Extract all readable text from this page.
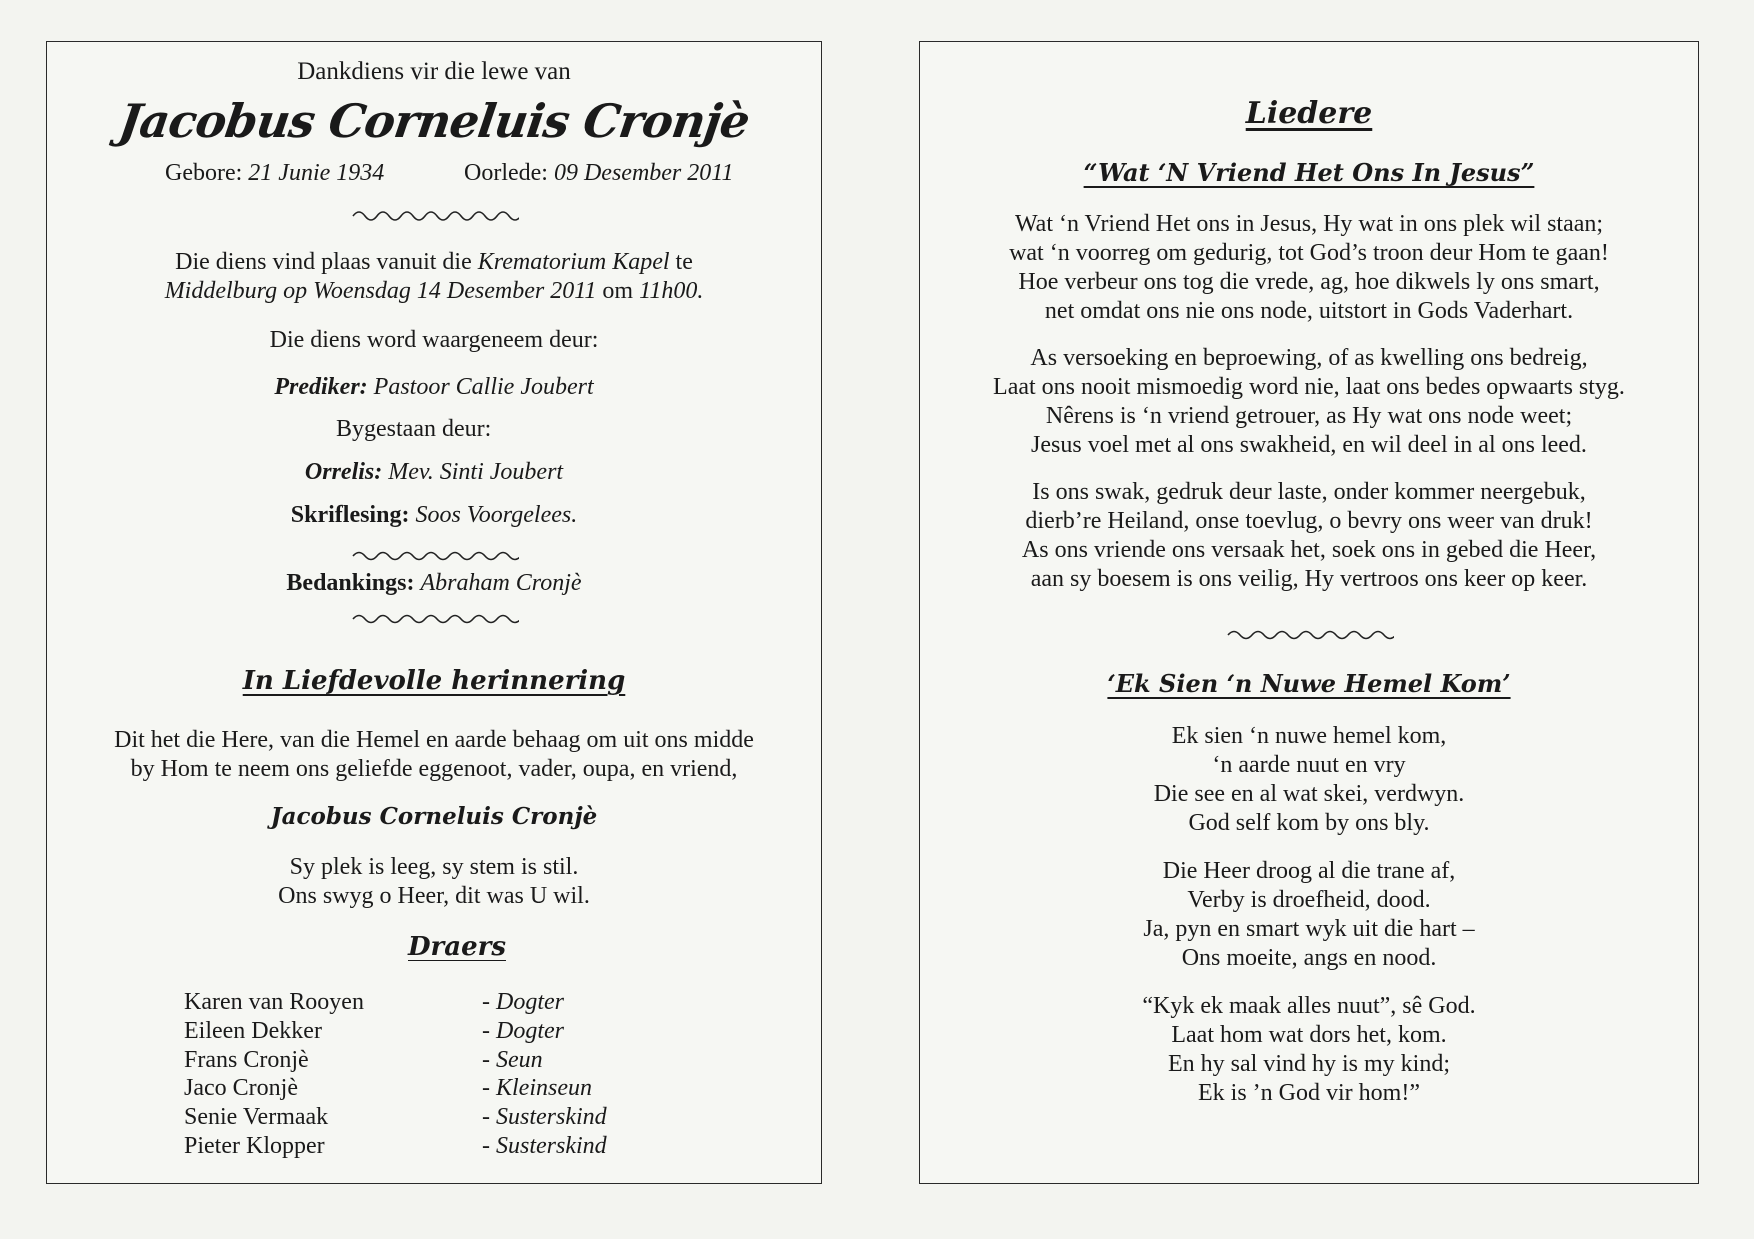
Dankdiens vir die lewe van
Jacobus Corneluis Cronjè
Gebore: 21 Junie 1934	Oorlede: 09 Desember 2011
Die diens vind plaas vanuit die Krematorium Kapel te
Middelburg op Woensdag 14 Desember 2011 om 11h00.
Die diens word waargeneem deur:
Prediker: Pastoor Callie Joubert
Bygestaan deur:
Orrelis: Mev. Sinti Joubert
Skriflesing: Soos Voorgelees.
Bedankings: Abraham Cronjè
In Liefdevolle herinnering
Dit het die Here, van die Hemel en aarde behaag om uit ons midde
by Hom te neem ons geliefde eggenoot, vader, oupa, en vriend,
Jacobus Corneluis Cronjè
Sy plek is leeg, sy stem is stil.
Ons swyg o Heer, dit was U wil.
Draers
Karen van Rooyen	- Dogter
Eileen Dekker	- Dogter
Frans Cronjè	- Seun
Jaco Cronjè	- Kleinseun
Senie Vermaak	- Susterskind
Pieter Klopper	- Susterskind
Liedere
“Wat ‘N Vriend Het Ons In Jesus”
Wat ‘n Vriend Het ons in Jesus, Hy wat in ons plek wil staan;
wat ‘n voorreg om gedurig, tot God’s troon deur Hom te gaan!
Hoe verbeur ons tog die vrede, ag, hoe dikwels ly ons smart,
net omdat ons nie ons node, uitstort in Gods Vaderhart.
As versoeking en beproewing, of as kwelling ons bedreig,
Laat ons nooit mismoedig word nie, laat ons bedes opwaarts styg.
Nêrens is ‘n vriend getrouer, as Hy wat ons node weet;
Jesus voel met al ons swakheid, en wil deel in al ons leed.
Is ons swak, gedruk deur laste, onder kommer neergebuk,
dierb’re Heiland, onse toevlug, o bevry ons weer van druk!
As ons vriende ons versaak het, soek ons in gebed die Heer,
aan sy boesem is ons veilig, Hy vertroos ons keer op keer.
‘Ek Sien ‘n Nuwe Hemel Kom’
Ek sien ‘n nuwe hemel kom,
‘n aarde nuut en vry
Die see en al wat skei, verdwyn.
God self kom by ons bly.
Die Heer droog al die trane af,
Verby is droefheid, dood.
Ja, pyn en smart wyk uit die hart –
Ons moeite, angs en nood.
“Kyk ek maak alles nuut”, sê God.
Laat hom wat dors het, kom.
En hy sal vind hy is my kind;
Ek is ’n God vir hom!”
